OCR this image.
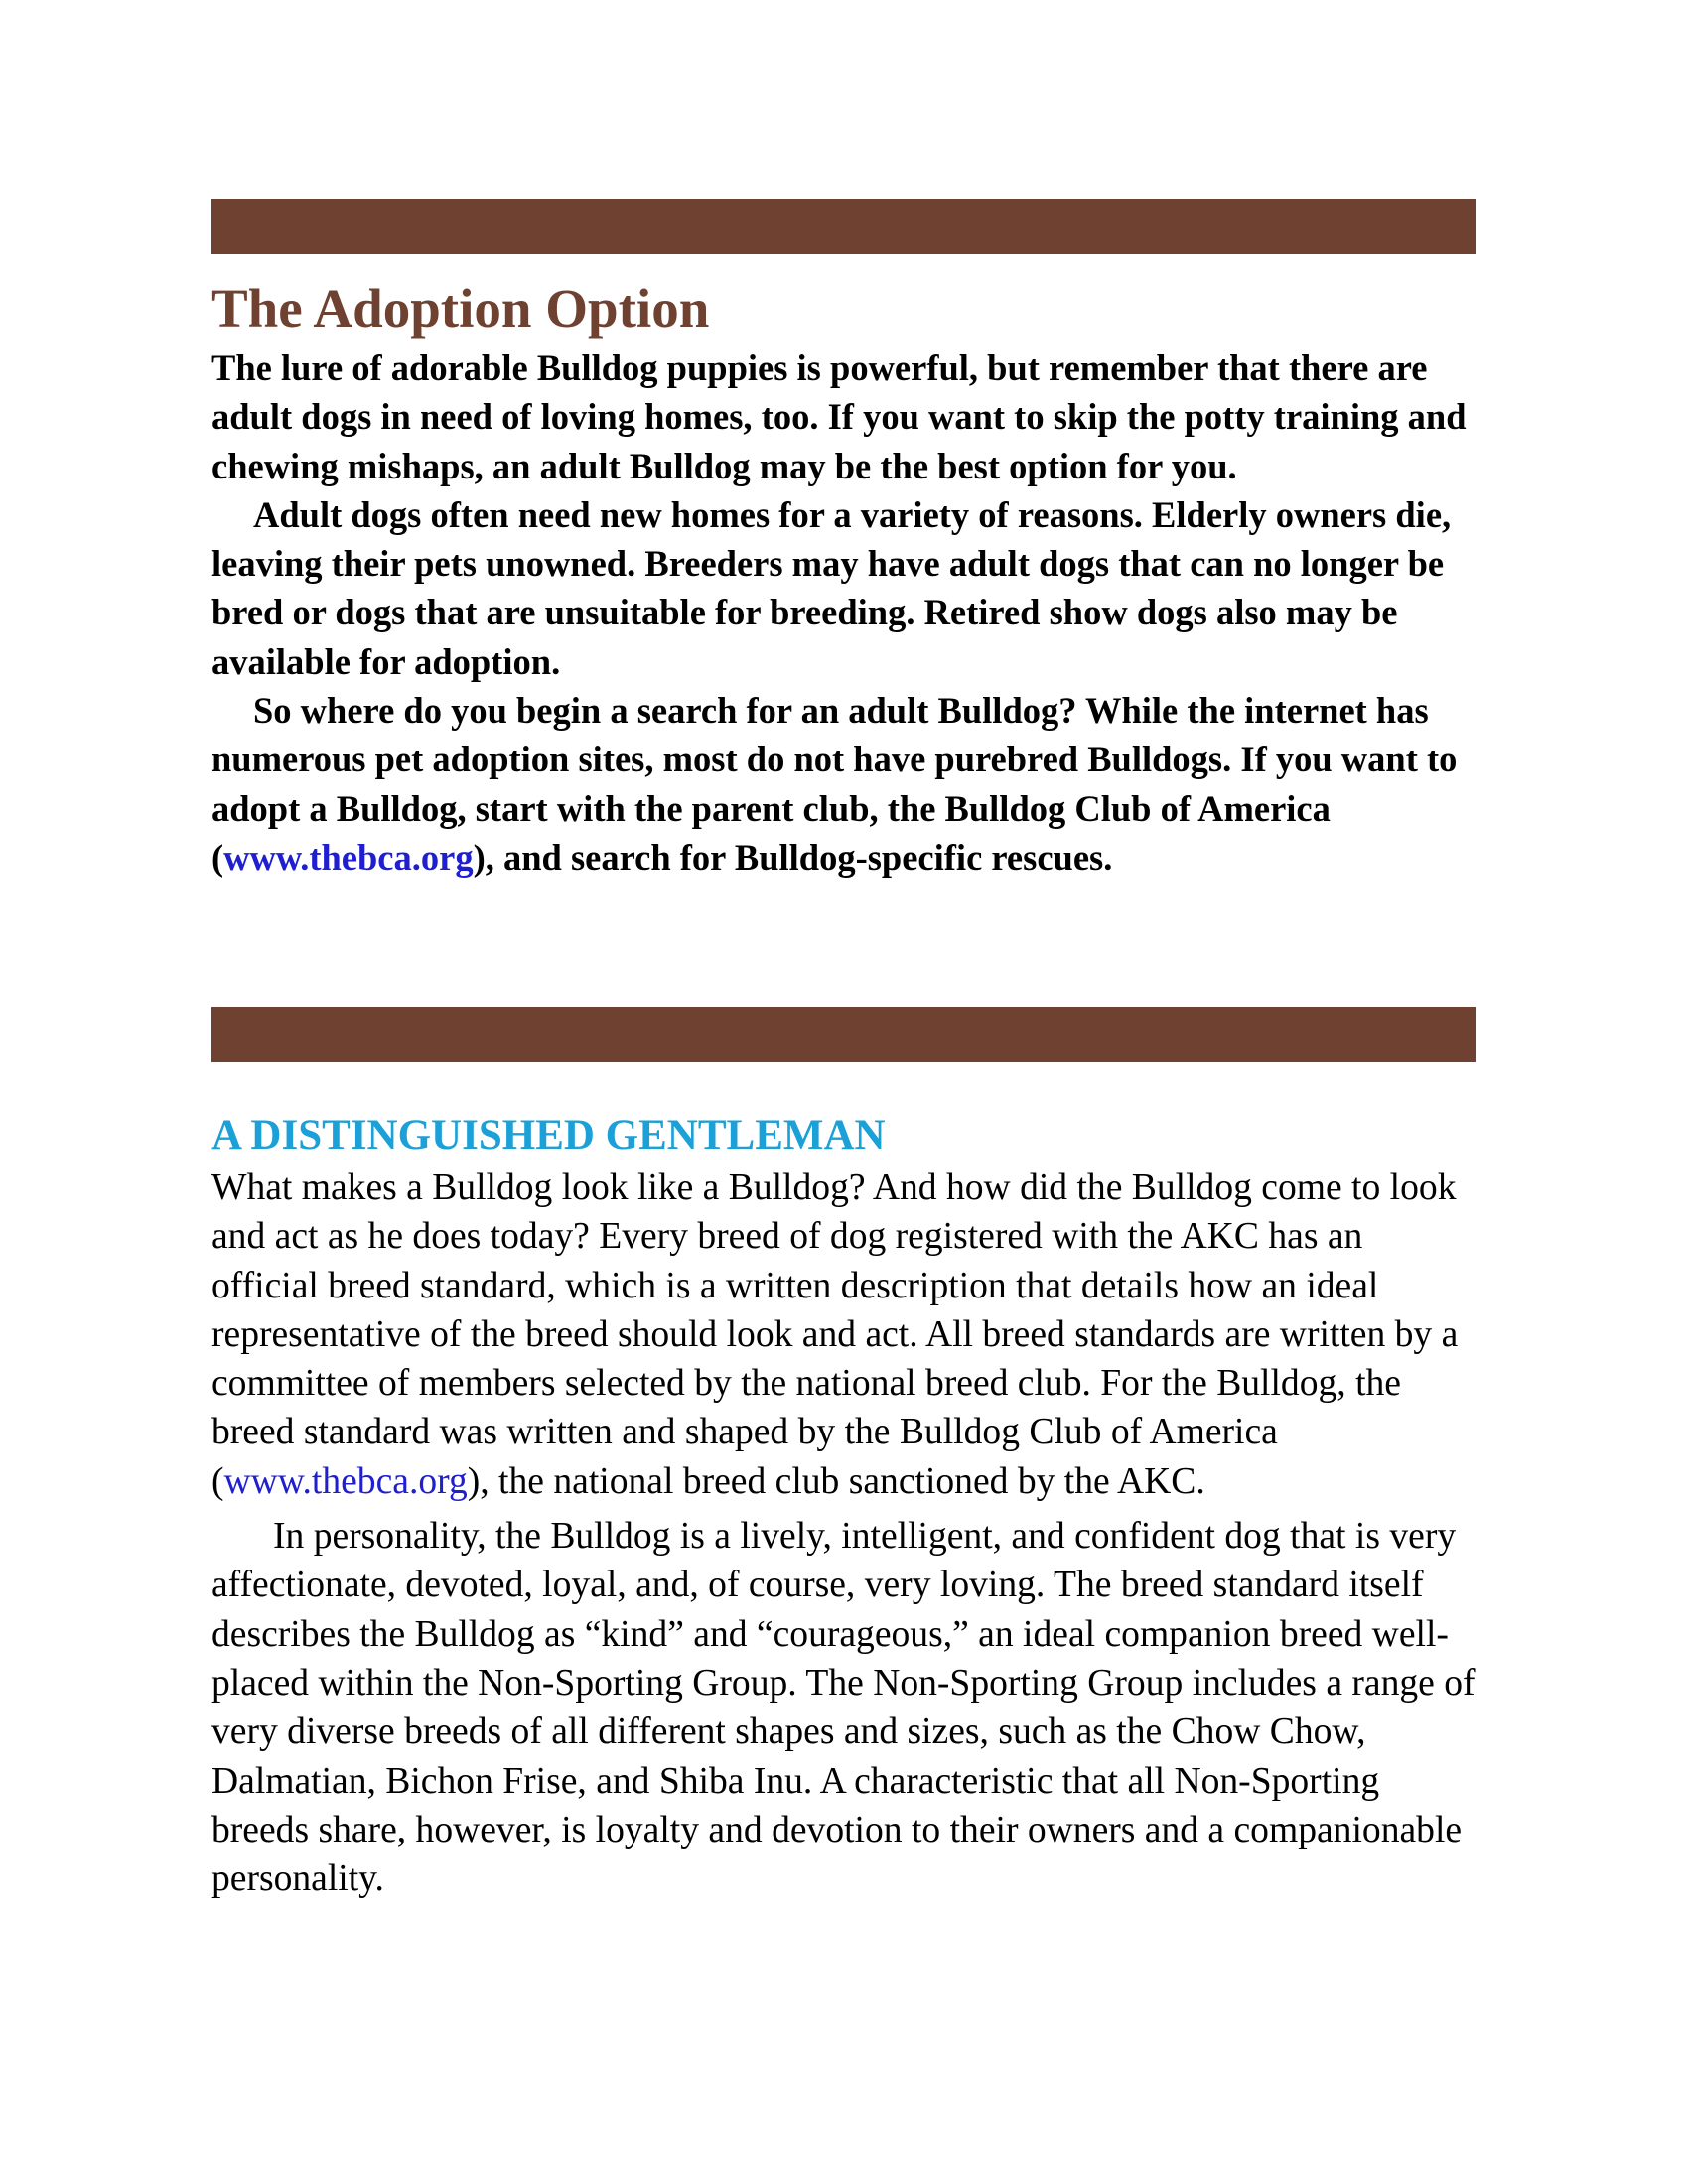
The Adoption Option

The lure of adorable Bulldog puppies is powerful, but remember that there are adult dogs in need of loving homes, too. If you want to skip the potty training and chewing mishaps, an adult Bulldog may be the best option for you.

Adult dogs often need new homes for a variety of reasons. Elderly owners die, leaving their pets unowned. Breeders may have adult dogs that can no longer be bred or dogs that are unsuitable for breeding. Retired show dogs also may be available for adoption.

So where do you begin a search for an adult Bulldog? While the internet has numerous pet adoption sites, most do not have purebred Bulldogs. If you want to adopt a Bulldog, start with the parent club, the Bulldog Club of America (www.thebca.org), and search for Bulldog-specific rescues.

A DISTINGUISHED GENTLEMAN

What makes a Bulldog look like a Bulldog? And how did the Bulldog come to look and act as he does today? Every breed of dog registered with the AKC has an official breed standard, which is a written description that details how an ideal representative of the breed should look and act. All breed standards are written by a committee of members selected by the national breed club. For the Bulldog, the breed standard was written and shaped by the Bulldog Club of America (www.thebca.org), the national breed club sanctioned by the AKC.

In personality, the Bulldog is a lively, intelligent, and confident dog that is very affectionate, devoted, loyal, and, of course, very loving. The breed standard itself describes the Bulldog as “kind” and “courageous,” an ideal companion breed well-placed within the Non-Sporting Group. The Non-Sporting Group includes a range of very diverse breeds of all different shapes and sizes, such as the Chow Chow, Dalmatian, Bichon Frise, and Shiba Inu. A characteristic that all Non-Sporting breeds share, however, is loyalty and devotion to their owners and a companionable personality.
